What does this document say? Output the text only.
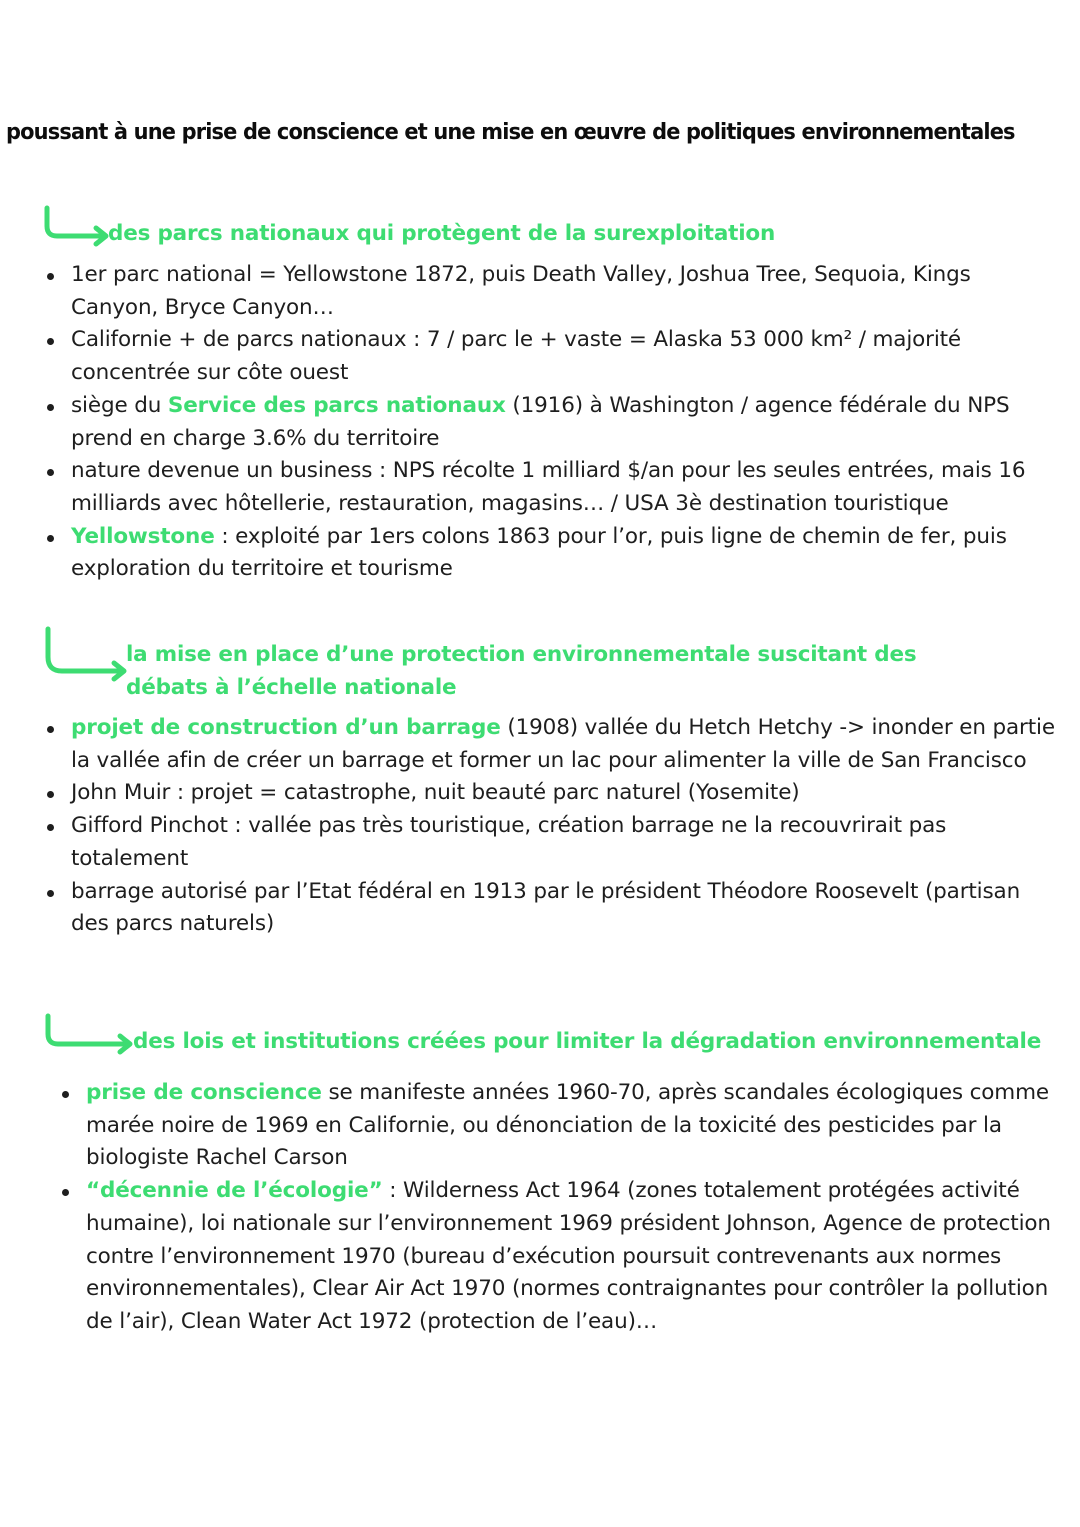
poussant à une prise de conscience et une mise en œuvre de politiques environnementales
des parcs nationaux qui protègent de la surexploitation
1er parc national = Yellowstone 1872, puis Death Valley, Joshua Tree, Sequoia, Kings Canyon, Bryce Canyon…
Californie + de parcs nationaux : 7 / parc le + vaste = Alaska 53 000 km² / majorité concentrée sur côte ouest
siège du Service des parcs nationaux (1916) à Washington / agence fédérale du NPS prend en charge 3.6% du territoire
nature devenue un business : NPS récolte 1 milliard $/an pour les seules entrées, mais 16 milliards avec hôtellerie, restauration, magasins… / USA 3è destination touristique
Yellowstone : exploité par 1ers colons 1863 pour l’or, puis ligne de chemin de fer, puis exploration du territoire et tourisme
la mise en place d’une protection environnementale suscitant des
débats à l’échelle nationale
projet de construction d’un barrage (1908) vallée du Hetch Hetchy -> inonder en partie la vallée afin de créer un barrage et former un lac pour alimenter la ville de San Francisco
John Muir : projet = catastrophe, nuit beauté parc naturel (Yosemite)
Gifford Pinchot : vallée pas très touristique, création barrage ne la recouvrirait pas totalement
barrage autorisé par l’Etat fédéral en 1913 par le président Théodore Roosevelt (partisan des parcs naturels)
des lois et institutions créées pour limiter la dégradation environnementale
prise de conscience se manifeste années 1960-70, après scandales écologiques comme marée noire de 1969 en Californie, ou dénonciation de la toxicité des pesticides par la biologiste Rachel Carson
“décennie de l’écologie” : Wilderness Act 1964 (zones totalement protégées activité humaine), loi nationale sur l’environnement 1969 président Johnson, Agence de protection contre l’environnement 1970 (bureau d’exécution poursuit contrevenants aux normes environnementales), Clear Air Act 1970 (normes contraignantes pour contrôler la pollution de l’air), Clean Water Act 1972 (protection de l’eau)…
